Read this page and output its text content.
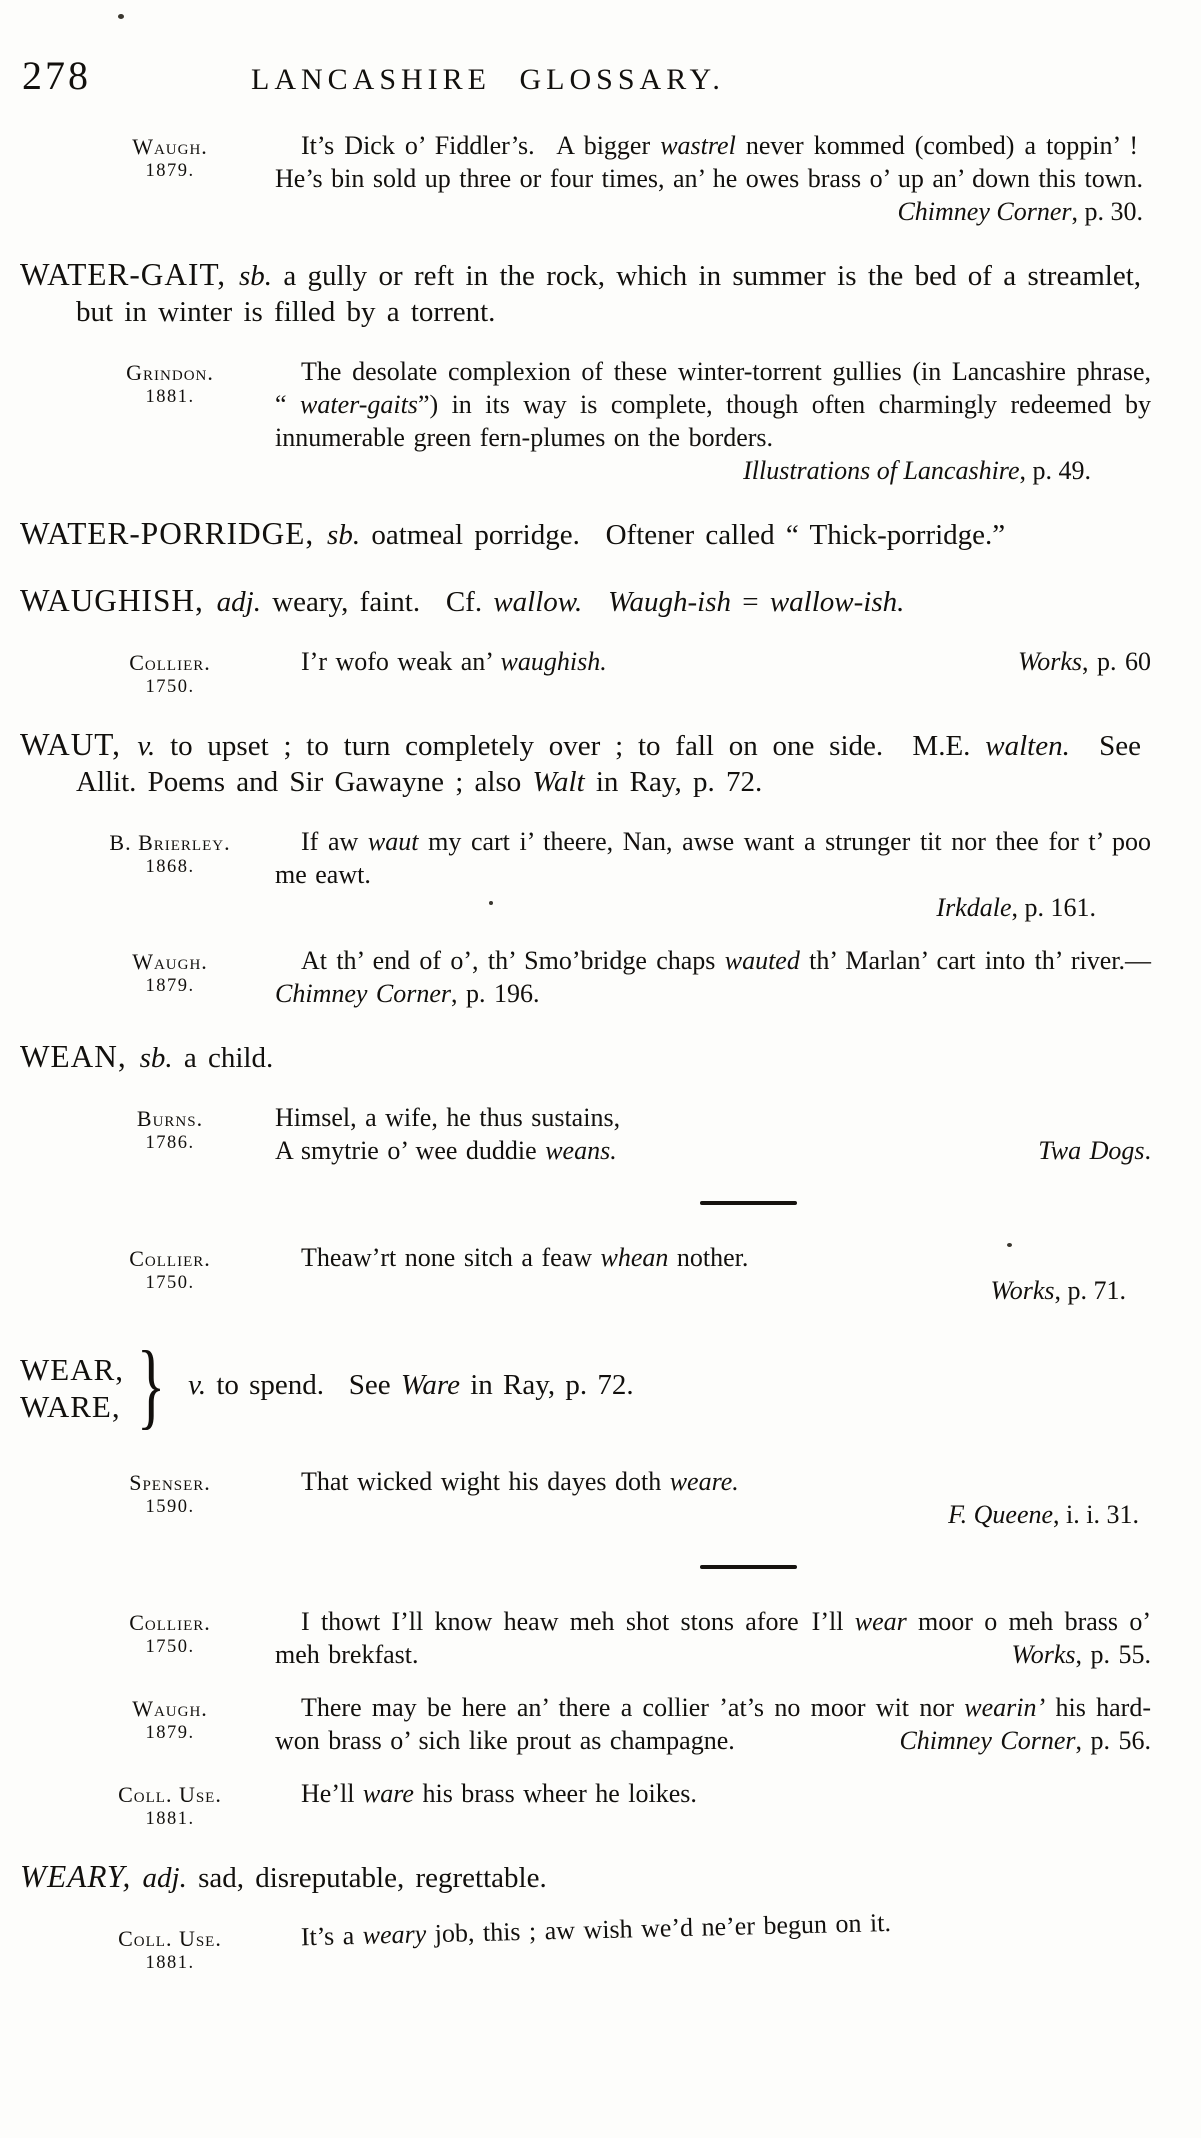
278	LANCASHIRE GLOSSARY.
Waugh.
1879.

It’s Dick o’ Fiddler’s.  A bigger wastrel never kommed (combed) a toppin’ !  He’s bin sold up three or four times, an’ he owes brass o’ up an’ down this town.

Chimney Corner, p. 30.

WATER-GAIT, sb. a gully or reft in the rock, which in summer is the bed of a streamlet, but in winter is filled by a torrent.

Grindon.
1881.

The desolate complexion of these winter-torrent gullies (in Lancashire phrase, “ water-gaits”) in its way is complete, though often charmingly redeemed by innumerable green fern-plumes on the borders.

Illustrations of Lancashire, p. 49.

WATER-PORRIDGE, sb. oatmeal porridge.  Oftener called “ Thick-porridge.”

WAUGHISH, adj. weary, faint.  Cf. wallow.  Waugh-ish = wallow-ish.

Collier.
1750.

I’r wofo weak an’ waughish.	Works, p. 60

WAUT, v. to upset ; to turn completely over ; to fall on one side.  M.E. walten.  See Allit. Poems and Sir Gawayne ; also Walt in Ray, p. 72.

B. Brierley.
1868.

If aw waut my cart i’ theere, Nan, awse want a strunger tit nor thee for t’ poo me eawt.

Irkdale, p. 161.
Waugh.
1879.

At th’ end of o’, th’ Smo’bridge chaps wauted th’ Marlan’ cart into th’ river.—Chimney Corner, p. 196.

WEAN, sb. a child.

Burns.
1786.
Himsel, a wife, he thus sustains,
A smytrie o’ wee duddie weans.	Twa Dogs.
Collier.
1750.

Theaw’rt none sitch a feaw whean nother.

Works, p. 71.
WEAR,
WARE, } v. to spend.  See Ware in Ray, p. 72.
Spenser.
1590.

That wicked wight his dayes doth weare.

F. Queene, i. i. 31.
Collier.
1750.

I thowt I’ll know heaw meh shot stons afore I’ll wear moor o meh brass o’ meh brekfast.	Works, p. 55.

Waugh.
1879.

There may be here an’ there a collier ’at’s no moor wit nor wearin’ his hard-won brass o’ sich like prout as champagne.	Chimney Corner, p. 56.

Coll. Use.
1881.

He’ll ware his brass wheer he loikes.

WEARY, adj. sad, disreputable, regrettable.

Coll. Use.
1881.

It’s a weary job, this ; aw wish we’d ne’er begun on it.
